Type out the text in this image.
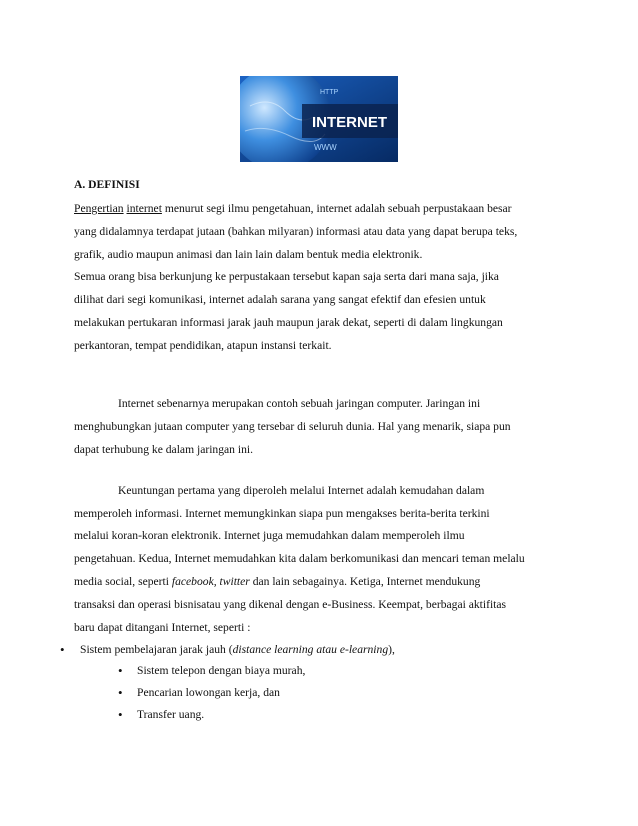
INTERNET
HTTP
WWW
A. DEFINISI
Pengertian internet menurut segi ilmu pengetahuan, internet adalah sebuah perpustakaan besar
yang didalamnya terdapat jutaan (bahkan milyaran) informasi atau data yang dapat berupa teks,
grafik, audio maupun animasi dan lain lain dalam bentuk media elektronik.
Semua orang bisa berkunjung ke perpustakaan tersebut kapan saja serta dari mana saja, jika
dilihat dari segi komunikasi, internet adalah sarana yang sangat efektif dan efesien untuk
melakukan pertukaran informasi jarak jauh maupun jarak dekat, seperti di dalam lingkungan
perkantoran, tempat pendidikan, atapun instansi terkait.
Internet sebenarnya merupakan contoh sebuah jaringan computer. Jaringan ini
menghubungkan jutaan computer yang tersebar di seluruh dunia. Hal yang menarik, siapa pun
dapat terhubung ke dalam jaringan ini.
Keuntungan pertama yang diperoleh melalui Internet adalah kemudahan dalam
memperoleh informasi. Internet memungkinkan siapa pun mengakses berita-berita terkini
melalui koran-koran elektronik. Internet juga memudahkan dalam memperoleh ilmu
pengetahuan. Kedua, Internet memudahkan kita dalam berkomunikasi dan mencari teman melalu
media social, seperti facebook, twitter dan lain sebagainya. Ketiga, Internet mendukung
transaksi dan operasi bisnisatau yang dikenal dengan e-Business. Keempat, berbagai aktifitas
baru dapat ditangani Internet, seperti :
• Sistem pembelajaran jarak jauh (distance learning atau e-learning),
• Sistem telepon dengan biaya murah,
• Pencarian lowongan kerja, dan
• Transfer uang.
